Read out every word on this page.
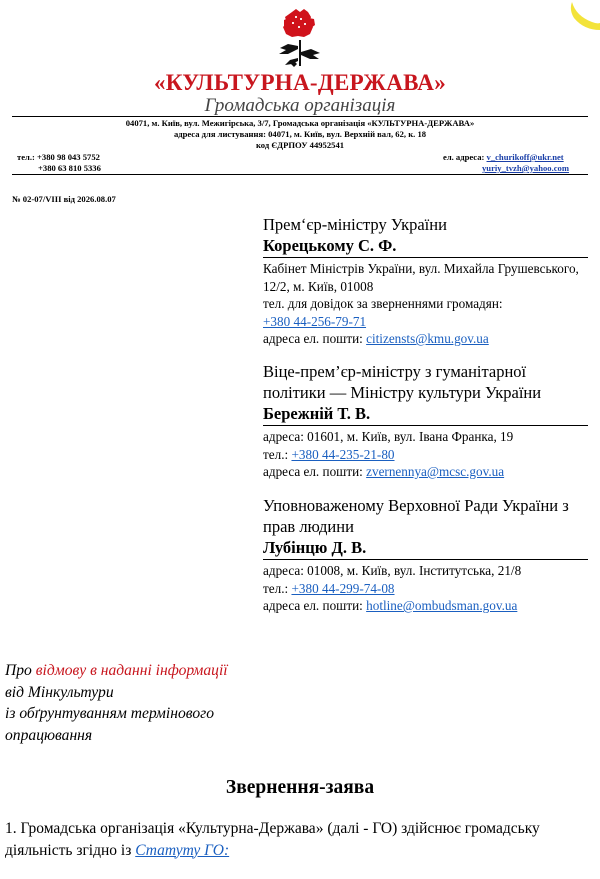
«КУЛЬТУРНА-ДЕРЖАВА»
Громадська організація
04071, м. Київ, вул. Межигірська, 3/7, Громадська організація «КУЛЬТУРНА-ДЕРЖАВА»
адреса для листування: 04071, м. Київ, вул. Верхній вал, 62, к. 18
код ЄДРПОУ 44952541
тел.: +380 98 043 5752
+380 63 810 5336
ел. адреса: v_churikoff@ukr.net
yuriy_tvzh@yahoo.com
№ 02-07/VIII від 2026.08.07
Прем‘єр-міністру України
Корецькому С. Ф.
Кабінет Міністрів України, вул. Михайла Грушевського, 12/2, м. Київ, 01008
тел. для довідок за зверненнями громадян:
+380 44-256-79-71
адреса ел. пошти: citizensts@kmu.gov.ua
Віце-прем’єр-міністру з гуманітарної політики — Міністру культури України
Бережній Т. В.
адреса: 01601, м. Київ, вул. Івана Франка, 19
тел.: +380 44-235-21-80
адреса ел. пошти: zvernennya@mcsc.gov.ua
Уповноваженому Верховної Ради України з прав людини
Лубінцю Д. В.
адреса: 01008, м. Київ, вул. Інститутська, 21/8
тел.: +380 44-299-74-08
адреса ел. пошти: hotline@ombudsman.gov.ua
Про відмову в наданні інформації
від Мінкультури
із обґрунтуванням термінового
опрацювання
Звернення-заява
1. Громадська організація «Культурна-Держава» (далі - ГО) здійснює громадську діяльність згідно із Статуту ГО:
